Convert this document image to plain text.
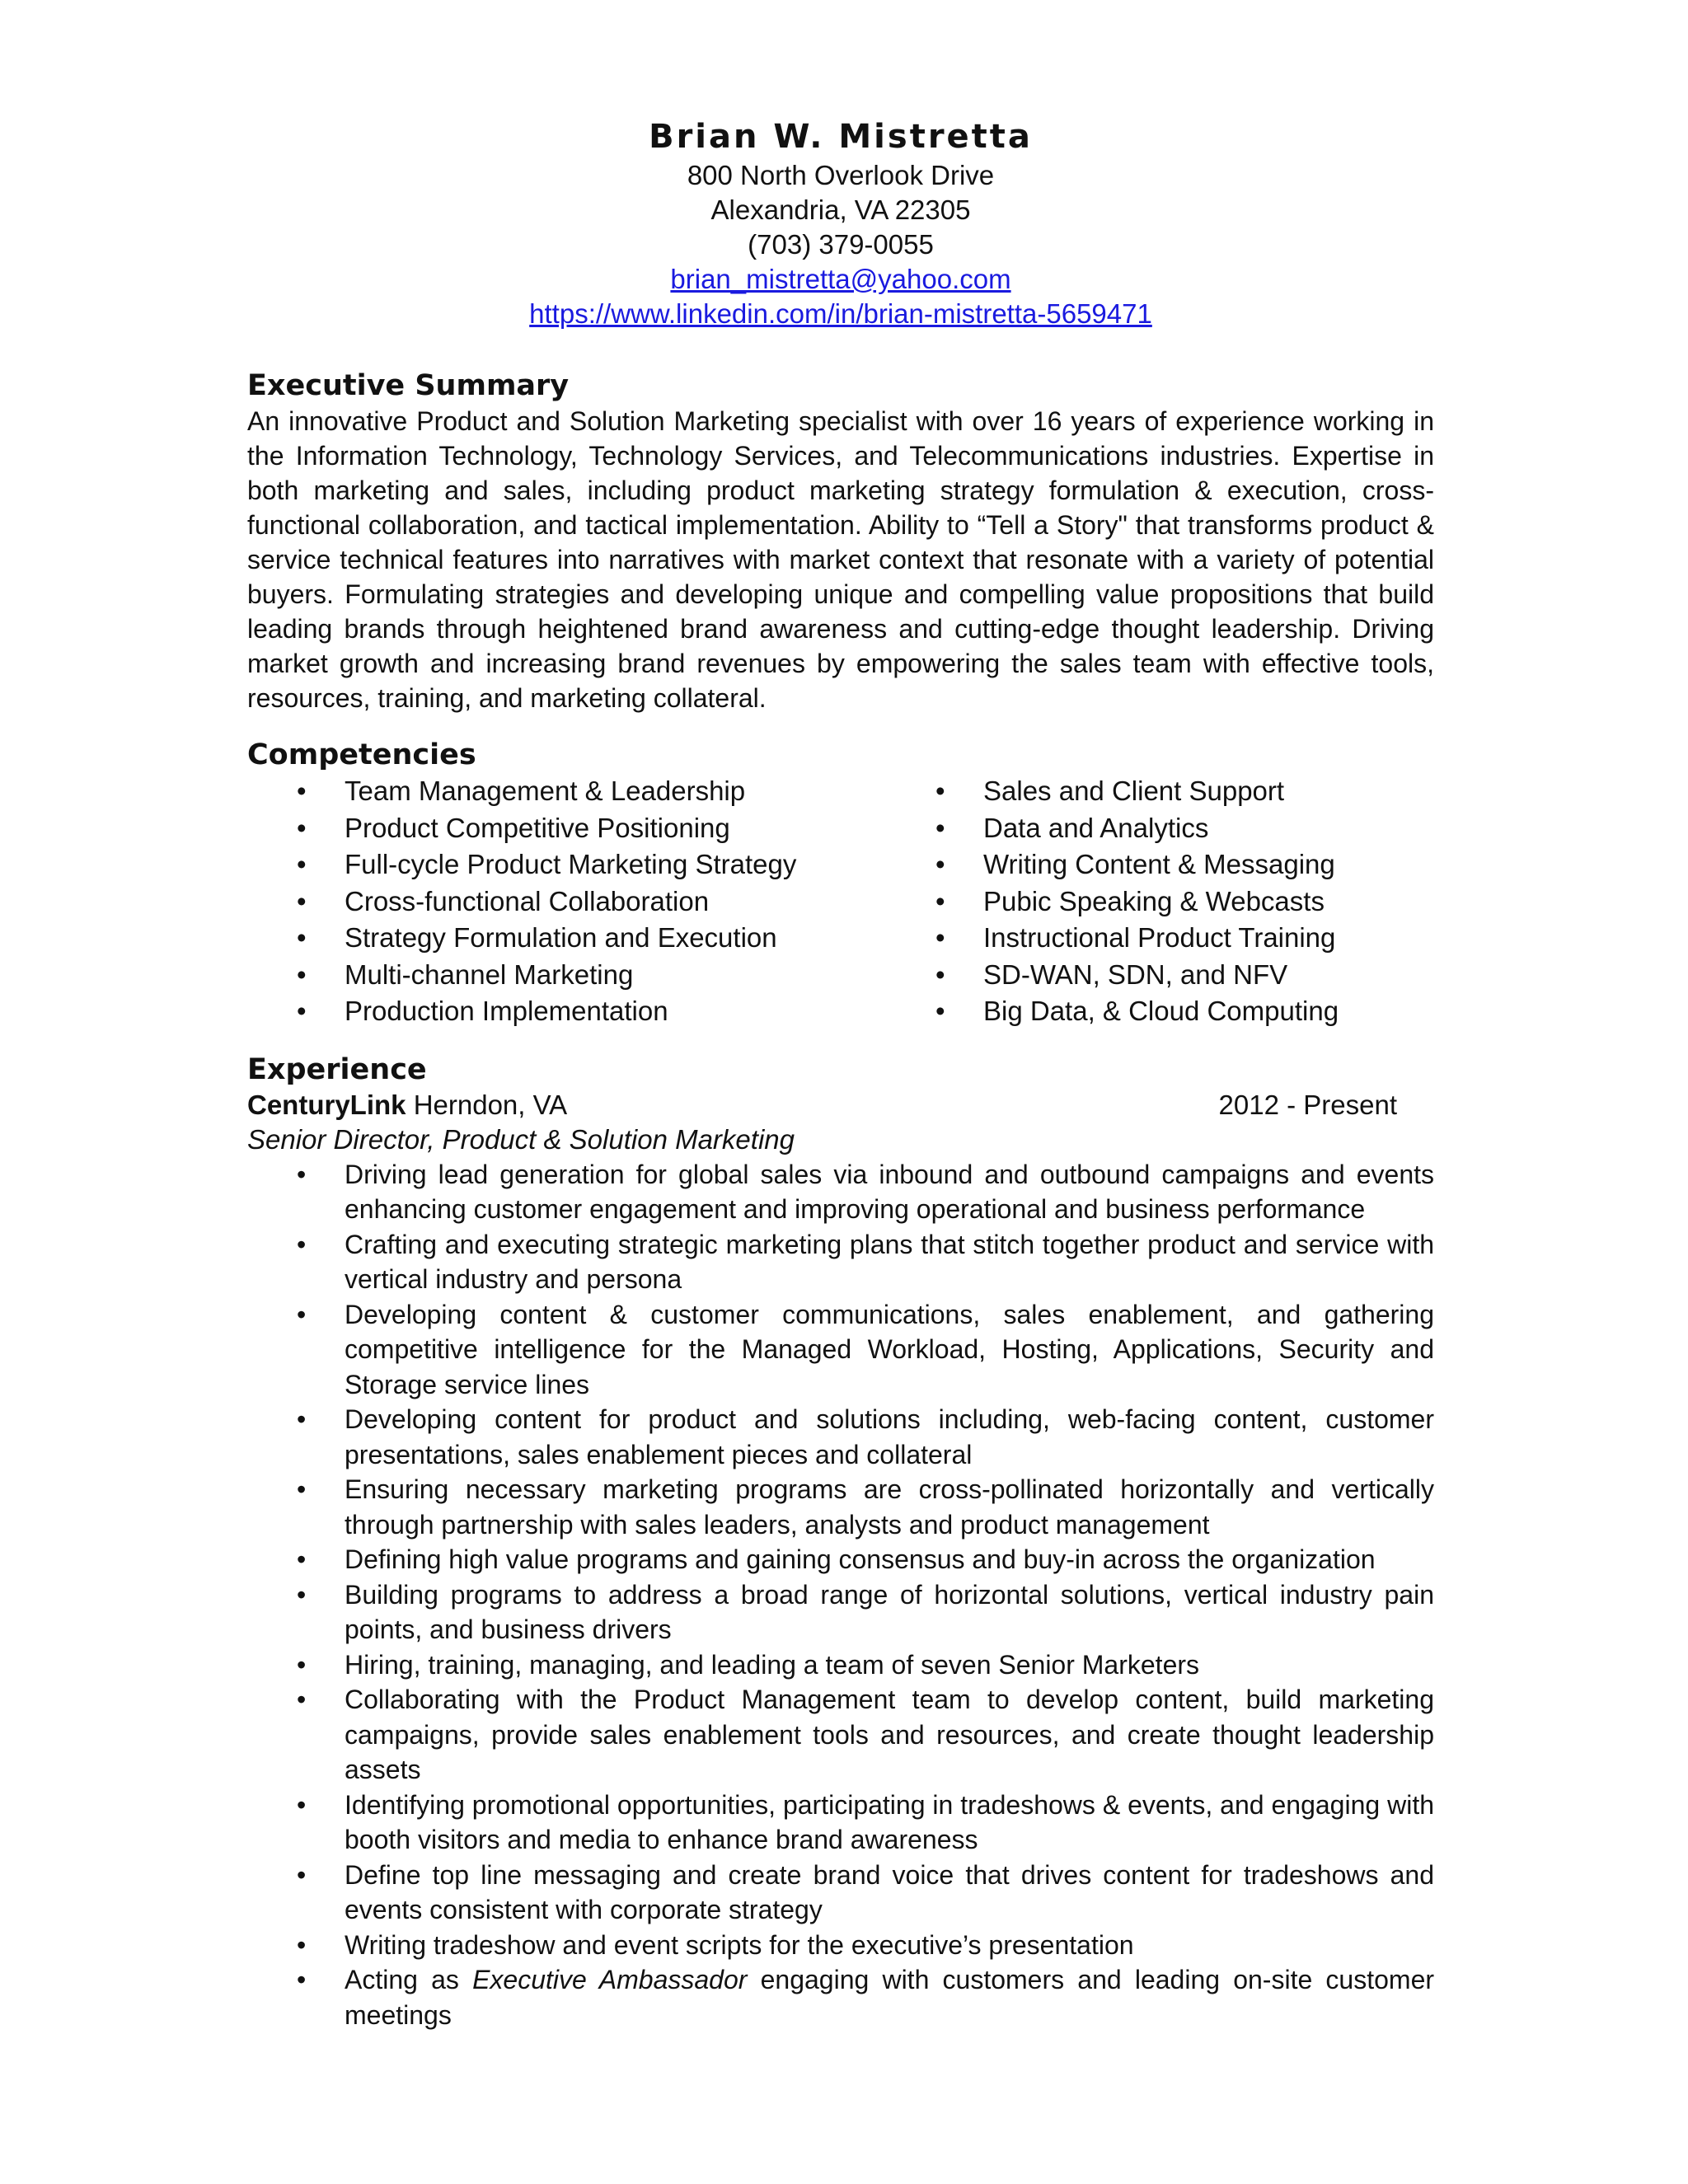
Brian W. Mistretta
800 North Overlook Drive
Alexandria, VA 22305
(703) 379-0055
brian_mistretta@yahoo.com
https://www.linkedin.com/in/brian-mistretta-5659471
Executive Summary

An innovative Product and Solution Marketing specialist with over 16 years of experience working in the Information Technology, Technology Services, and Telecommunications industries. Expertise in both marketing and sales, including product marketing strategy formulation & execution, cross-functional collaboration, and tactical implementation. Ability to “Tell a Story" that transforms product & service technical features into narratives with market context that resonate with a variety of potential buyers. Formulating strategies and developing unique and compelling value propositions that build leading brands through heightened brand awareness and cutting-edge thought leadership. Driving market growth and increasing brand revenues by empowering the sales team with effective tools, resources, training, and marketing collateral.

Competencies
• Team Management & Leadership
• Product Competitive Positioning
• Full-cycle Product Marketing Strategy
• Cross-functional Collaboration
• Strategy Formulation and Execution
• Multi-channel Marketing
• Production Implementation
• Sales and Client Support
• Data and Analytics
• Writing Content & Messaging
• Pubic Speaking & Webcasts
• Instructional Product Training
• SD-WAN, SDN, and NFV
• Big Data, & Cloud Computing
Experience
CenturyLink Herndon, VA	2012 - Present
Senior Director, Product & Solution Marketing
• Driving lead generation for global sales via inbound and outbound campaigns and events enhancing customer engagement and improving operational and business performance
• Crafting and executing strategic marketing plans that stitch together product and service with vertical industry and persona
• Developing content & customer communications, sales enablement, and gathering competitive intelligence for the Managed Workload, Hosting, Applications, Security and Storage service lines
• Developing content for product and solutions including, web-facing content, customer presentations, sales enablement pieces and collateral
• Ensuring necessary marketing programs are cross-pollinated horizontally and vertically through partnership with sales leaders, analysts and product management
• Defining high value programs and gaining consensus and buy-in across the organization
• Building programs to address a broad range of horizontal solutions, vertical industry pain points, and business drivers
• Hiring, training, managing, and leading a team of seven Senior Marketers
• Collaborating with the Product Management team to develop content, build marketing campaigns, provide sales enablement tools and resources, and create thought leadership assets
• Identifying promotional opportunities, participating in tradeshows & events, and engaging with booth visitors and media to enhance brand awareness
• Define top line messaging and create brand voice that drives content for tradeshows and events consistent with corporate strategy
• Writing tradeshow and event scripts for the executive’s presentation
• Acting as Executive Ambassador engaging with customers and leading on-site customer meetings
